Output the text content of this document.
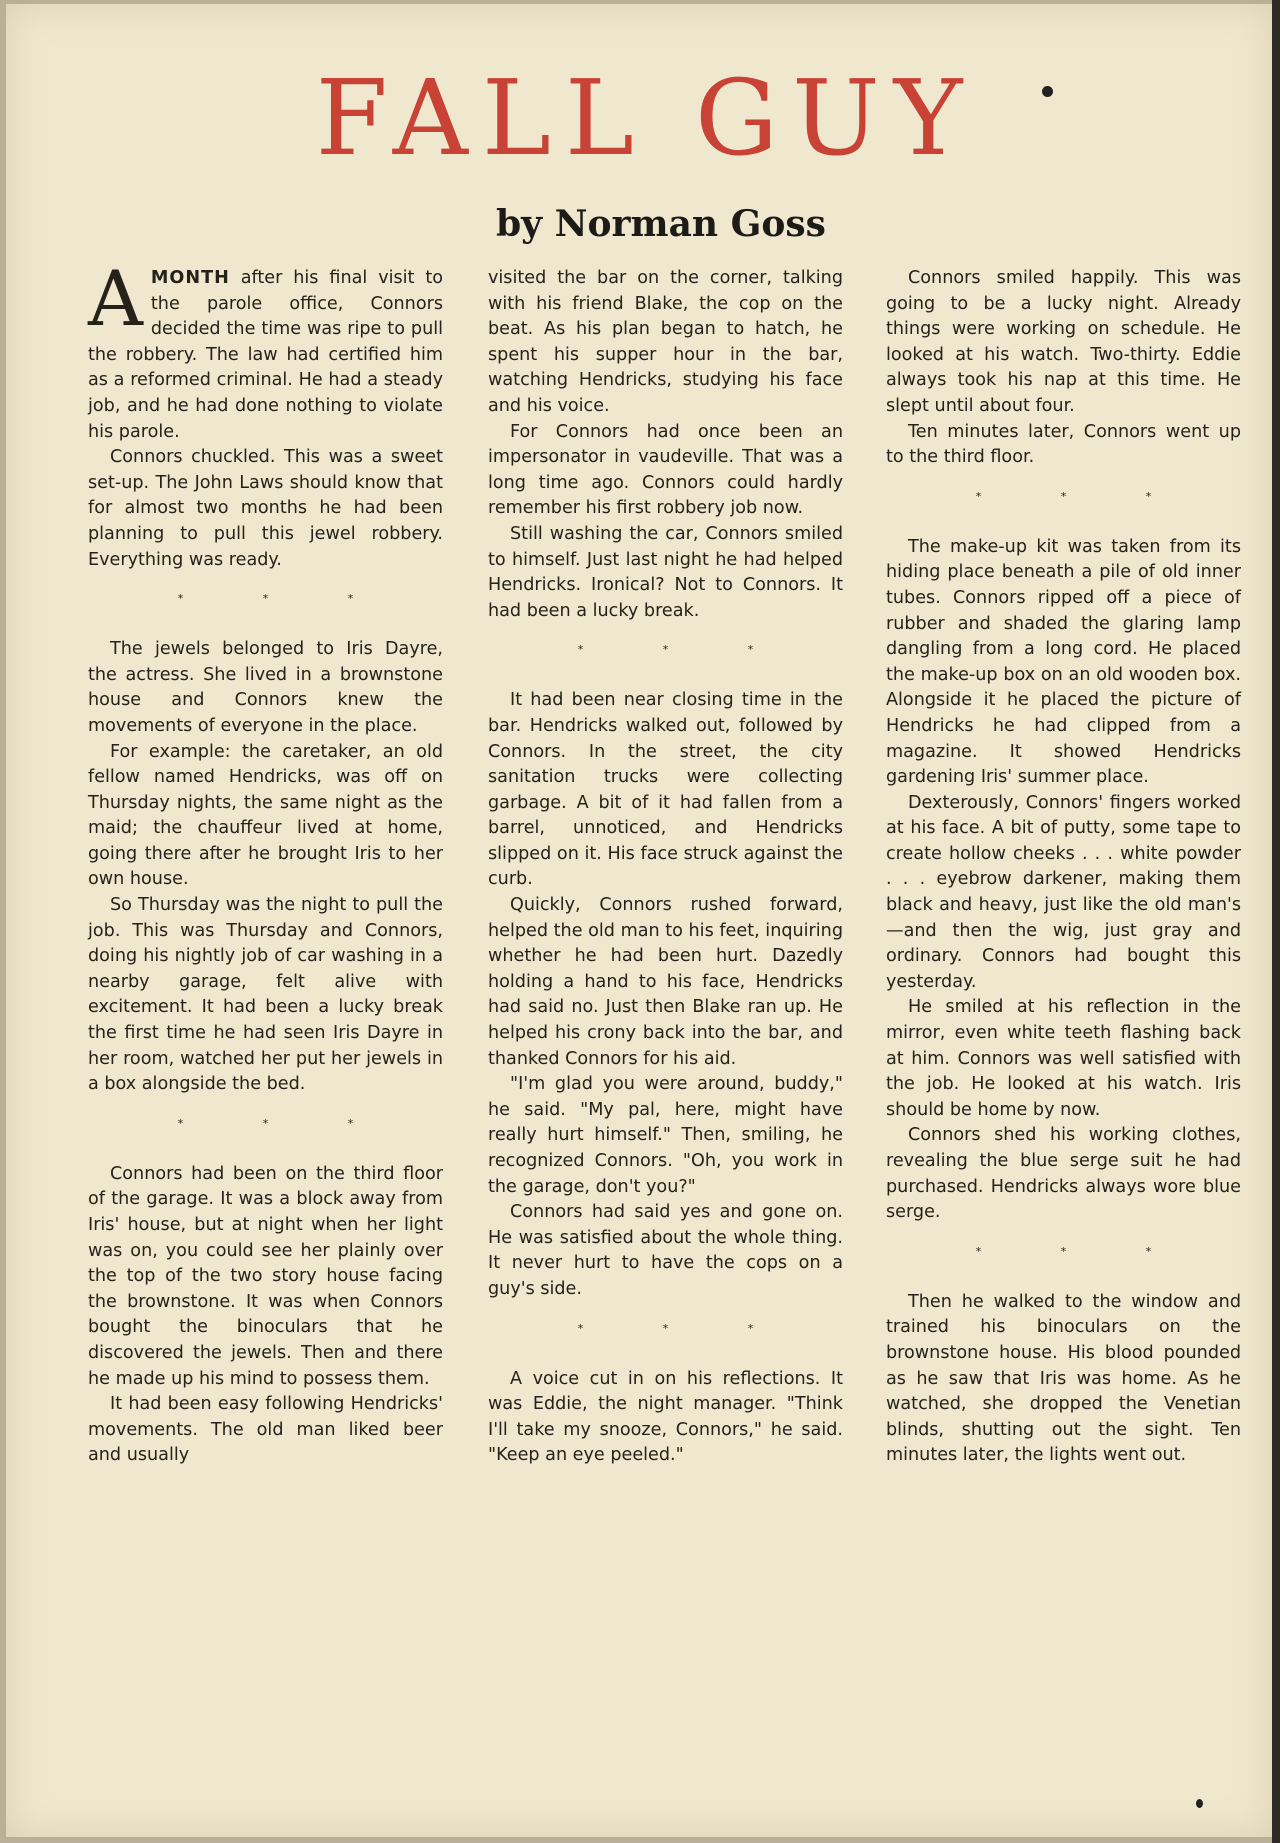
FALL GUY
by Norman Goss

AMONTH after his final visit to the parole office, Connors decided the time was ripe to pull the robbery. The law had certified him as a reformed criminal. He had a steady job, and he had done nothing to violate his parole.

Connors chuckled. This was a sweet set-up. The John Laws should know that for almost two months he had been planning to pull this jewel robbery. Everything was ready.

* * *

The jewels belonged to Iris Dayre, the actress. She lived in a brownstone house and Connors knew the movements of everyone in the place.

For example: the caretaker, an old fellow named Hendricks, was off on Thursday nights, the same night as the maid; the chauffeur lived at home, going there after he brought Iris to her own house.

So Thursday was the night to pull the job. This was Thursday and Connors, doing his nightly job of car washing in a nearby garage, felt alive with excitement. It had been a lucky break the first time he had seen Iris Dayre in her room, watched her put her jewels in a box alongside the bed.

* * *

Connors had been on the third floor of the garage. It was a block away from Iris' house, but at night when her light was on, you could see her plainly over the top of the two story house facing the brownstone. It was when Connors bought the binoculars that he discovered the jewels. Then and there he made up his mind to possess them.

It had been easy following Hendricks' movements. The old man liked beer and usually

visited the bar on the corner, talking with his friend Blake, the cop on the beat. As his plan began to hatch, he spent his supper hour in the bar, watching Hendricks, studying his face and his voice.

For Connors had once been an impersonator in vaudeville. That was a long time ago. Connors could hardly remember his first robbery job now.

Still washing the car, Connors smiled to himself. Just last night he had helped Hendricks. Ironical? Not to Connors. It had been a lucky break.

* * *

It had been near closing time in the bar. Hendricks walked out, followed by Connors. In the street, the city sanitation trucks were collecting garbage. A bit of it had fallen from a barrel, unnoticed, and Hendricks slipped on it. His face struck against the curb.

Quickly, Connors rushed forward, helped the old man to his feet, inquiring whether he had been hurt. Dazedly holding a hand to his face, Hendricks had said no. Just then Blake ran up. He helped his crony back into the bar, and thanked Connors for his aid.

"I'm glad you were around, buddy," he said. "My pal, here, might have really hurt himself." Then, smiling, he recognized Connors. "Oh, you work in the garage, don't you?"

Connors had said yes and gone on. He was satisfied about the whole thing. It never hurt to have the cops on a guy's side.

* * *

A voice cut in on his reflections. It was Eddie, the night manager. "Think I'll take my snooze, Connors," he said. "Keep an eye peeled."

Connors smiled happily. This was going to be a lucky night. Already things were working on schedule. He looked at his watch. Two-thirty. Eddie always took his nap at this time. He slept until about four.

Ten minutes later, Connors went up to the third floor.

* * *

The make-up kit was taken from its hiding place beneath a pile of old inner tubes. Connors ripped off a piece of rubber and shaded the glaring lamp dangling from a long cord. He placed the make-up box on an old wooden box. Alongside it he placed the picture of Hendricks he had clipped from a magazine. It showed Hendricks gardening Iris' summer place.

Dexterously, Connors' fingers worked at his face. A bit of putty, some tape to create hollow cheeks . . . white powder . . . eyebrow darkener, making them black and heavy, just like the old man's—and then the wig, just gray and ordinary. Connors had bought this yesterday.

He smiled at his reflection in the mirror, even white teeth flashing back at him. Connors was well satisfied with the job. He looked at his watch. Iris should be home by now.

Connors shed his working clothes, revealing the blue serge suit he had purchased. Hendricks always wore blue serge.

* * *

Then he walked to the window and trained his binoculars on the brownstone house. His blood pounded as he saw that Iris was home. As he watched, she dropped the Venetian blinds, shutting out the sight. Ten minutes later, the lights went out.
